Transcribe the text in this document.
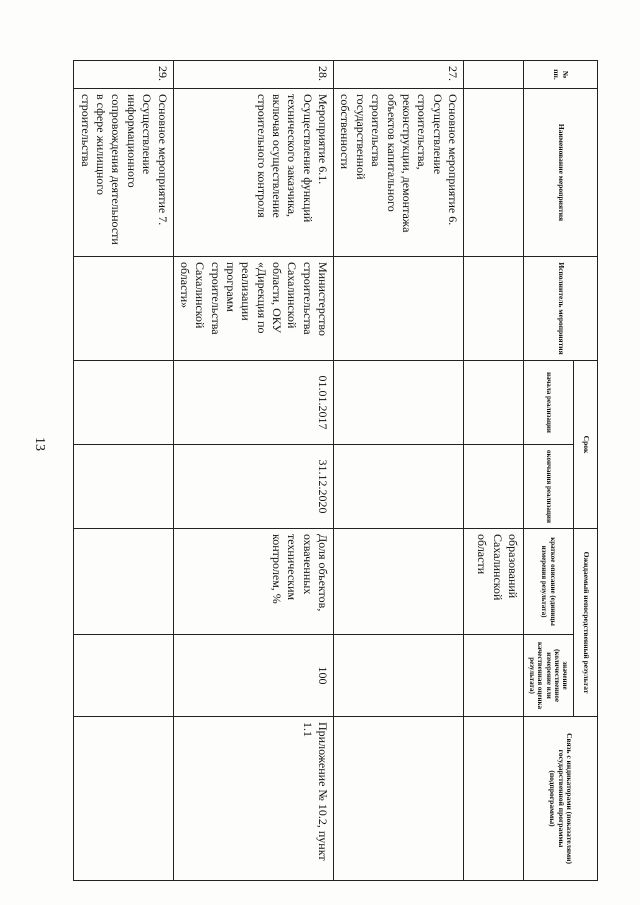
13
№ пп.	Наименование мероприятия	Исполнитель мероприятия	Срок		Ожидаемый непосредственный результат		Связь с индикаторами (показателями) государственной программы (подпрограммы)
			начала реализации	окончания реализации	краткое описание (единицы измерения результата)	значение (количественное измерение или качественная оценка результата)	
					образований Сахалинской области		
27.	Основное мероприятие 6. Осуществление строительства, реконструкции, демонтажа объектов капитального строительства государственной собственности						
28.	Мероприятие 6.1. Осуществление функций технического заказчика, включая осуществление строительного контроля	Министерство строительства Сахалинской области, ОКУ «Дирекция по реализации программ строительства Сахалинской области»	01.01.2017	31.12.2020	Доля объектов, охваченных техническим контролем, %	100	Приложение № 10.2, пункт 1.1
29.	Основное мероприятие 7. Осуществление информационного сопровождения деятельности в сфере жилищного строительства						
